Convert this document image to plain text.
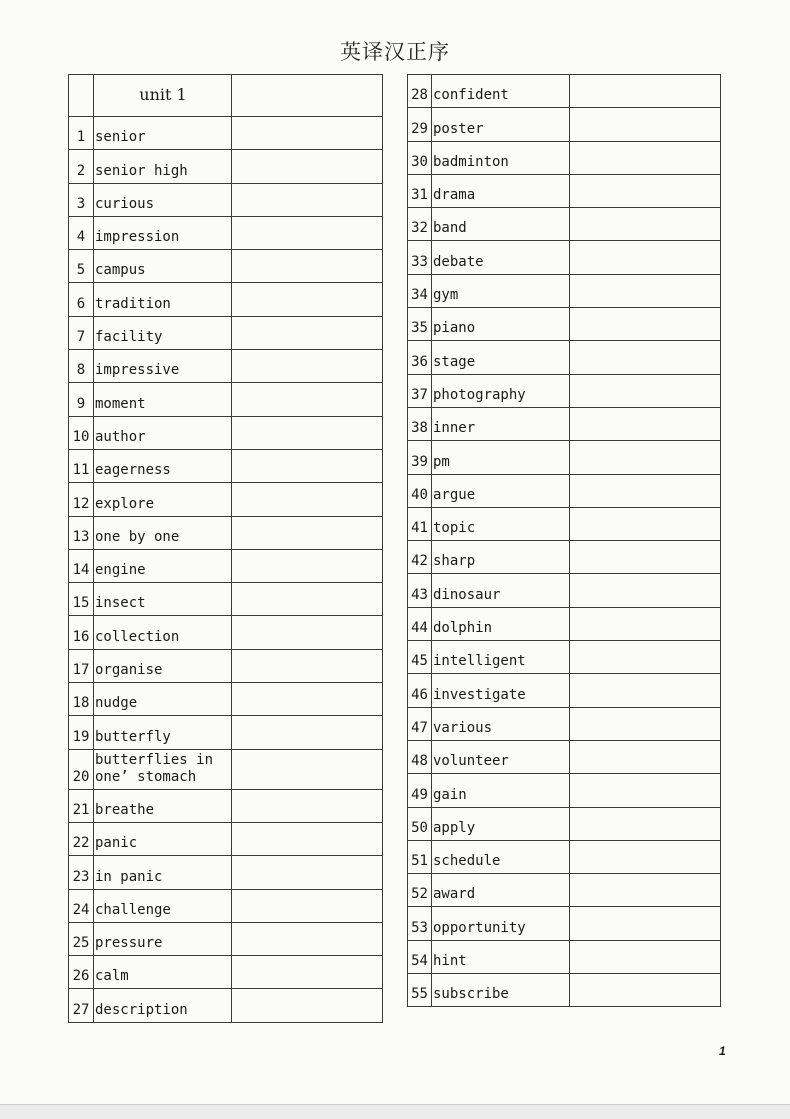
英译汉正序
	unit 1	
1	senior	
2	senior high	
3	curious	
4	impression	
5	campus	
6	tradition	
7	facility	
8	impressive	
9	moment	
10	author	
11	eagerness	
12	explore	
13	one by one	
14	engine	
15	insect	
16	collection	
17	organise	
18	nudge	
19	butterfly	
20	butterflies in one’ stomach	
21	breathe	
22	panic	
23	in panic	
24	challenge	
25	pressure	
26	calm	
27	description	
28	confident	
29	poster	
30	badminton	
31	drama	
32	band	
33	debate	
34	gym	
35	piano	
36	stage	
37	photography	
38	inner	
39	pm	
40	argue	
41	topic	
42	sharp	
43	dinosaur	
44	dolphin	
45	intelligent	
46	investigate	
47	various	
48	volunteer	
49	gain	
50	apply	
51	schedule	
52	award	
53	opportunity	
54	hint	
55	subscribe	
1
